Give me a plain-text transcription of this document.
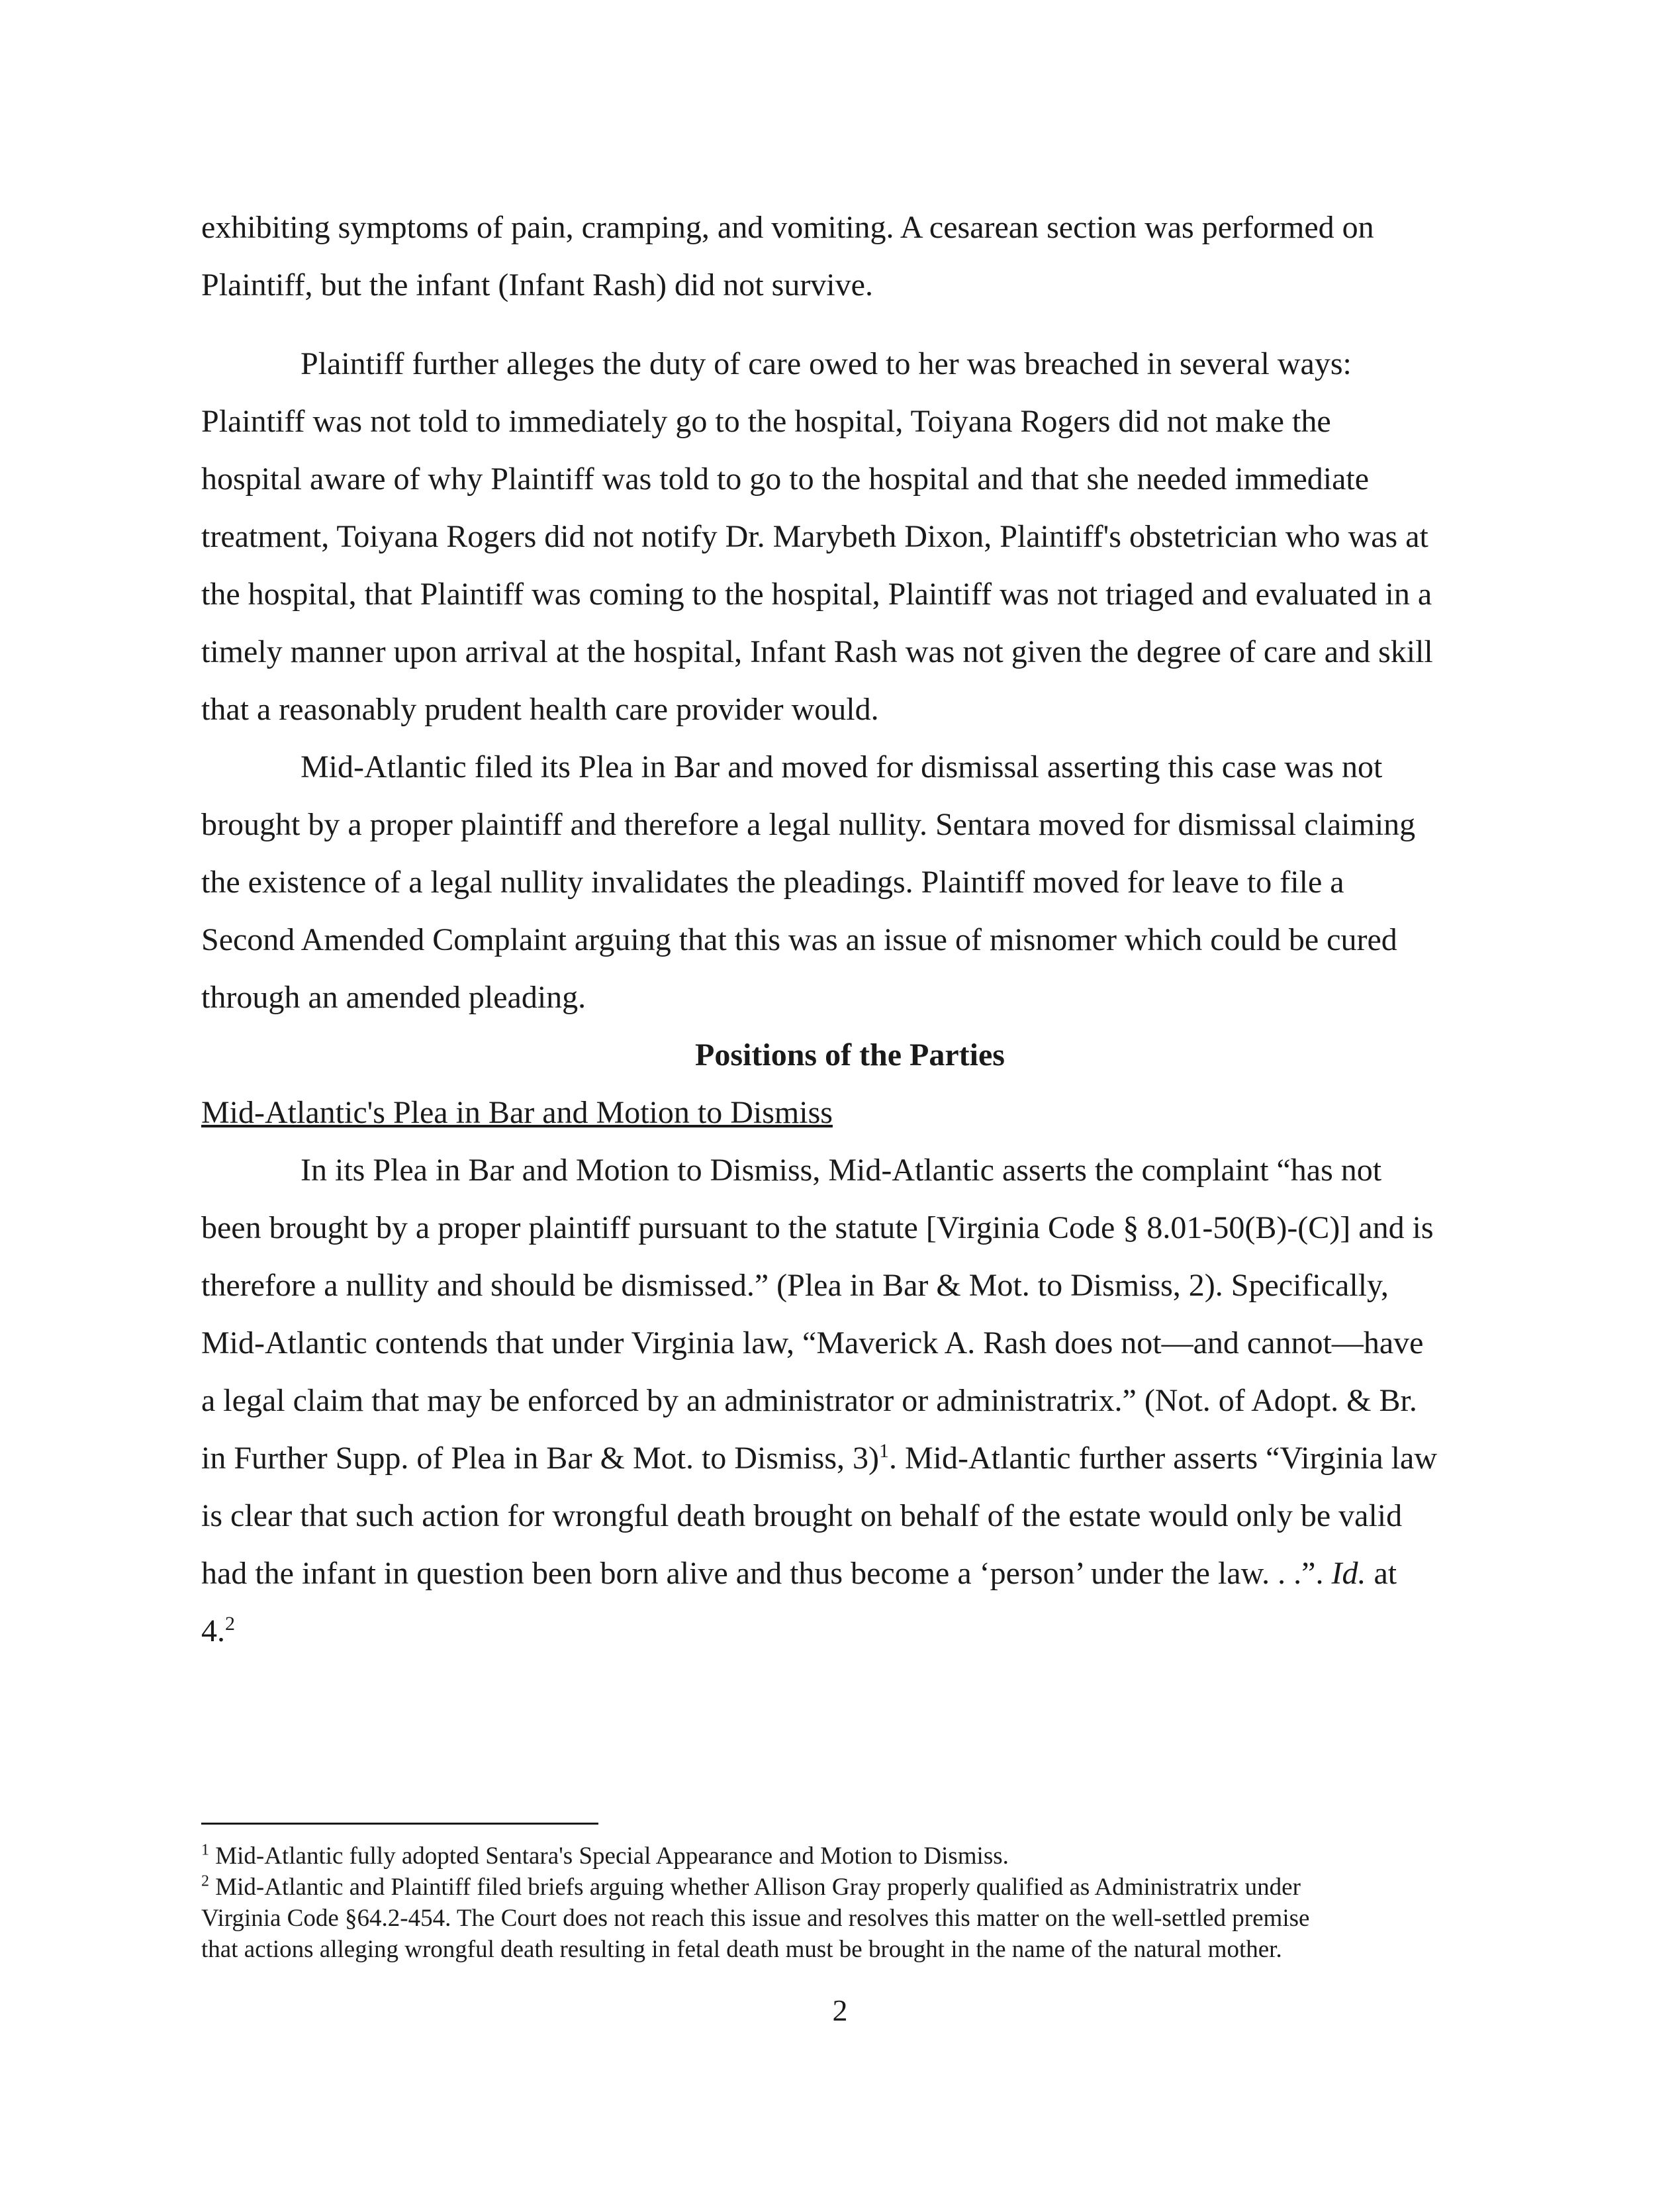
exhibiting symptoms of pain, cramping, and vomiting. A cesarean section was performed on
Plaintiff, but the infant (Infant Rash) did not survive.
Plaintiff further alleges the duty of care owed to her was breached in several ways:
Plaintiff was not told to immediately go to the hospital, Toiyana Rogers did not make the
hospital aware of why Plaintiff was told to go to the hospital and that she needed immediate
treatment, Toiyana Rogers did not notify Dr. Marybeth Dixon, Plaintiff's obstetrician who was at
the hospital, that Plaintiff was coming to the hospital, Plaintiff was not triaged and evaluated in a
timely manner upon arrival at the hospital, Infant Rash was not given the degree of care and skill
that a reasonably prudent health care provider would.
Mid-Atlantic filed its Plea in Bar and moved for dismissal asserting this case was not
brought by a proper plaintiff and therefore a legal nullity. Sentara moved for dismissal claiming
the existence of a legal nullity invalidates the pleadings. Plaintiff moved for leave to file a
Second Amended Complaint arguing that this was an issue of misnomer which could be cured
through an amended pleading.
Positions of the Parties
Mid-Atlantic's Plea in Bar and Motion to Dismiss
In its Plea in Bar and Motion to Dismiss, Mid-Atlantic asserts the complaint “has not
been brought by a proper plaintiff pursuant to the statute [Virginia Code § 8.01-50(B)-(C)] and is
therefore a nullity and should be dismissed.” (Plea in Bar & Mot. to Dismiss, 2). Specifically,
Mid-Atlantic contends that under Virginia law, “Maverick A. Rash does not—and cannot—have
a legal claim that may be enforced by an administrator or administratrix.” (Not. of Adopt. & Br.
in Further Supp. of Plea in Bar & Mot. to Dismiss, 3)$^1$. Mid-Atlantic further asserts “Virginia law
is clear that such action for wrongful death brought on behalf of the estate would only be valid
had the infant in question been born alive and thus become a ‘person’ under the law. . .”. Id. at
4.$^2$
$^1$ Mid-Atlantic fully adopted Sentara's Special Appearance and Motion to Dismiss.
$^2$ Mid-Atlantic and Plaintiff filed briefs arguing whether Allison Gray properly qualified as Administratrix under
Virginia Code §64.2-454. The Court does not reach this issue and resolves this matter on the well-settled premise
that actions alleging wrongful death resulting in fetal death must be brought in the name of the natural mother.
2
